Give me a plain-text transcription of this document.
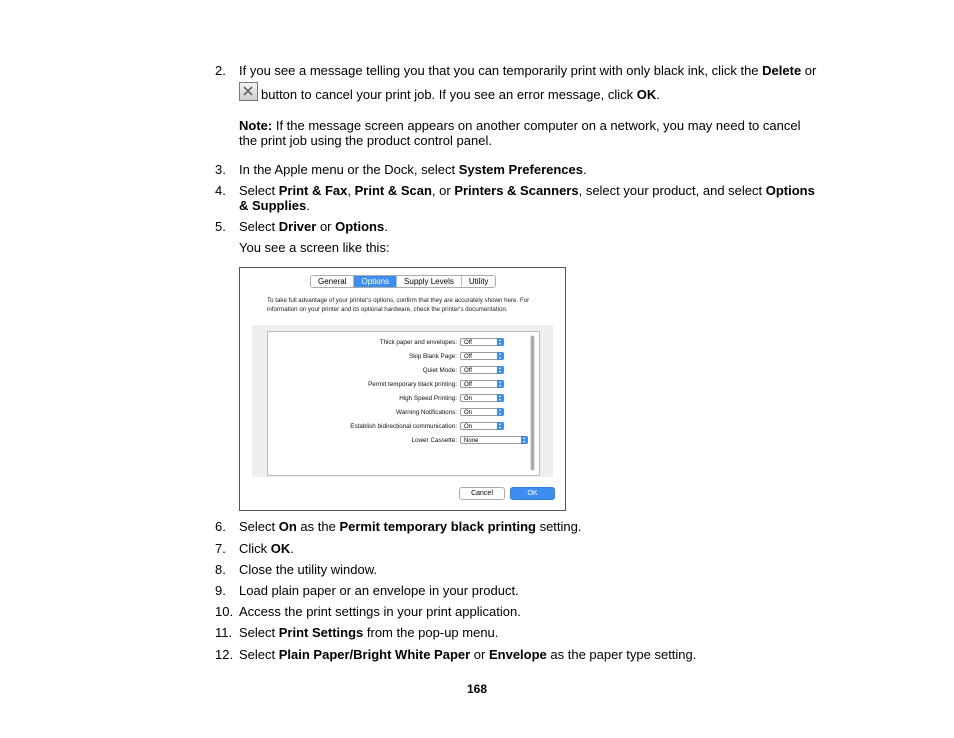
2. If you see a message telling you that you can temporarily print with only black ink, click the Delete or
button to cancel your print job. If you see an error message, click OK.
Note: If the message screen appears on another computer on a network, you may need to cancel
the print job using the product control panel.
3. In the Apple menu or the Dock, select System Preferences.
4. Select Print & Fax, Print & Scan, or Printers & Scanners, select your product, and select Options
& Supplies.
5. Select Driver or Options.
You see a screen like this:
General	Options	Supply Levels	Utility
To take full advantage of your printer's options, confirm that they are accurately shown here. For information on your printer and its optional hardware, check the printer's documentation.
Thick paper and envelopes:	Off
Skip Blank Page:	Off
Quiet Mode:	Off
Permit temporary black printing:	Off
High Speed Printing:	On
Warning Notifications:	On
Establish bidirectional communication:	On
Lower Cassette:	None
Cancel	OK
6. Select On as the Permit temporary black printing setting.
7. Click OK.
8. Close the utility window.
9. Load plain paper or an envelope in your product.
10. Access the print settings in your print application.
11. Select Print Settings from the pop-up menu.
12. Select Plain Paper/Bright White Paper or Envelope as the paper type setting.
168
